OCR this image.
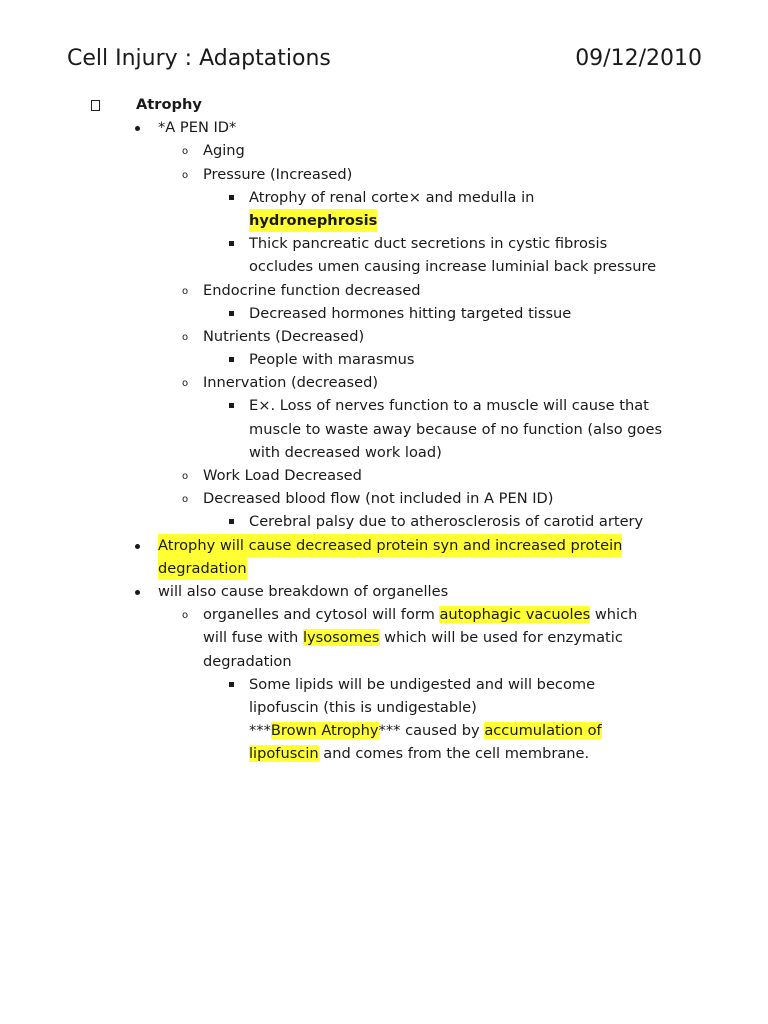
Cell Injury : Adaptations	09/12/2010
Atrophy
*A PEN ID*
o Aging
o Pressure (Increased)
Atrophy of renal corte× and medulla in
hydronephrosis
Thick pancreatic duct secretions in cystic fibrosis
occludes umen causing increase luminial back pressure
o Endocrine function decreased
Decreased hormones hitting targeted tissue
o Nutrients (Decreased)
People with marasmus
o Innervation (decreased)
E×. Loss of nerves function to a muscle will cause that
muscle to waste away because of no function (also goes
with decreased work load)
o Work Load Decreased
o Decreased blood flow (not included in A PEN ID)
Cerebral palsy due to atherosclerosis of carotid artery
Atrophy will cause decreased protein syn and increased protein
degradation
will also cause breakdown of organelles
o organelles and cytosol will form autophagic vacuoles which
will fuse with lysosomes which will be used for enzymatic
degradation
Some lipids will be undigested and will become
lipofuscin (this is undigestable)
***Brown Atrophy*** caused by accumulation of
lipofuscin and comes from the cell membrane.
